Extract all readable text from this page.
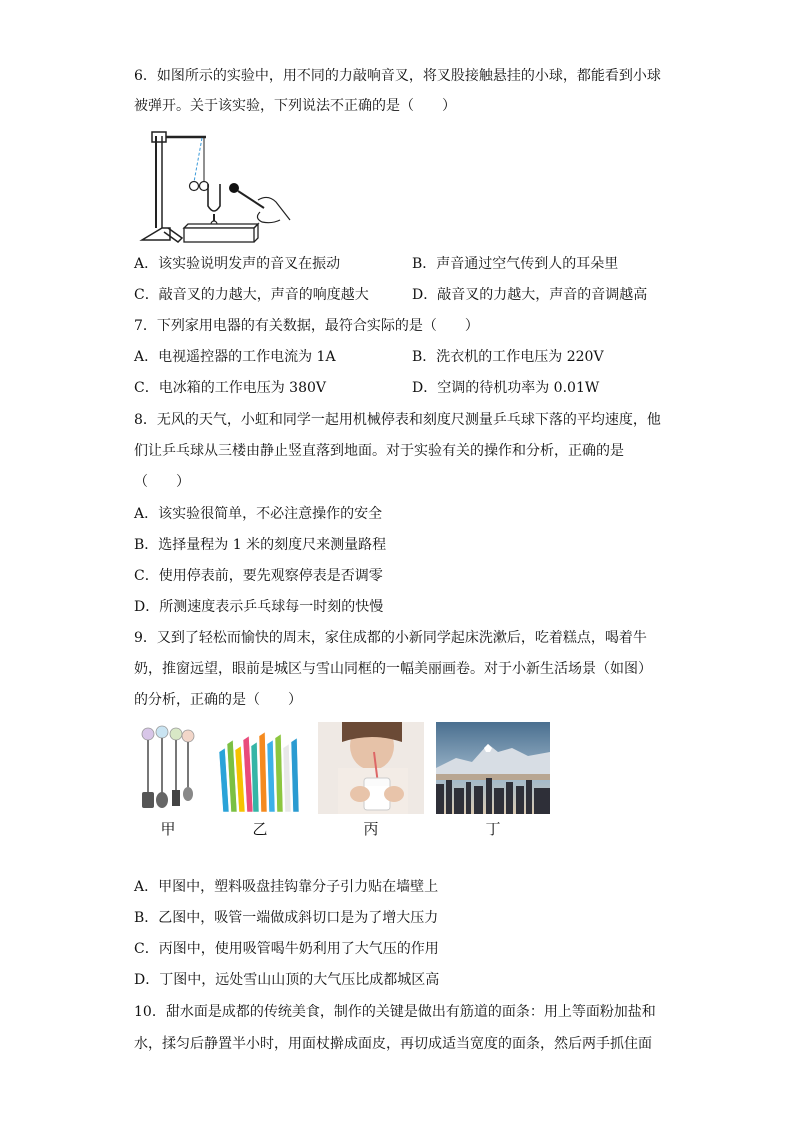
6．如图所示的实验中，用不同的力敲响音叉，将叉股接触悬挂的小球，都能看到小球
被弹开。关于该实验，下列说法不正确的是（　　）
A．该实验说明发声的音叉在振动	B．声音通过空气传到人的耳朵里
C．敲音叉的力越大，声音的响度越大	D．敲音叉的力越大，声音的音调越高
7．下列家用电器的有关数据，最符合实际的是（　　）
A．电视遥控器的工作电流为 1A	B．洗衣机的工作电压为 220V
C．电冰箱的工作电压为 380V	D．空调的待机功率为 0.01W
8．无风的天气，小虹和同学一起用机械停表和刻度尺测量乒乓球下落的平均速度，他
们让乒乓球从三楼由静止竖直落到地面。对于实验有关的操作和分析，正确的是
（　　）
A．该实验很简单，不必注意操作的安全
B．选择量程为 1 米的刻度尺来测量路程
C．使用停表前，要先观察停表是否调零
D．所测速度表示乒乓球每一时刻的快慢
9．又到了轻松而愉快的周末，家住成都的小新同学起床洗漱后，吃着糕点，喝着牛
奶，推窗远望，眼前是城区与雪山同框的一幅美丽画卷。对于小新生活场景（如图）
的分析，正确的是（　　）
甲	乙	丙	丁
A．甲图中，塑料吸盘挂钩靠分子引力贴在墙壁上
B．乙图中，吸管一端做成斜切口是为了增大压力
C．丙图中，使用吸管喝牛奶利用了大气压的作用
D．丁图中，远处雪山山顶的大气压比成都城区高
10．甜水面是成都的传统美食，制作的关键是做出有筋道的面条：用上等面粉加盐和
水，揉匀后静置半小时，用面杖擀成面皮，再切成适当宽度的面条，然后两手抓住面
